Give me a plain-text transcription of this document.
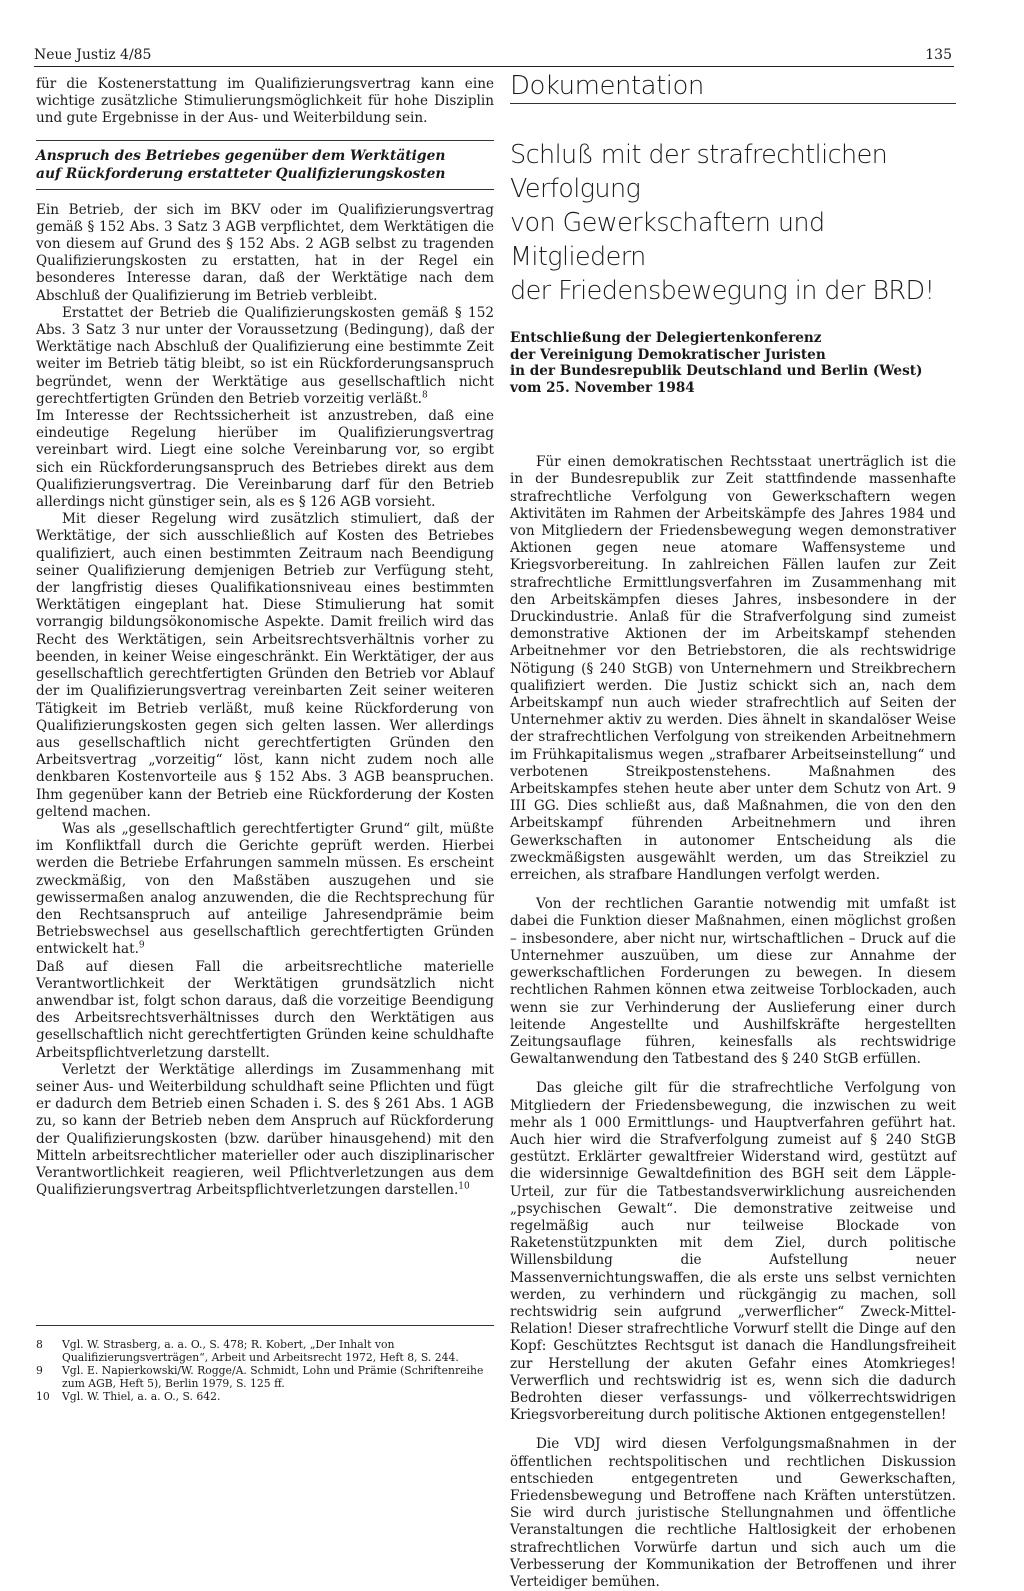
Neue Justiz 4/85	135

für die Kostenerstattung im Qualifizierungsvertrag kann eine wichtige zusätzliche Stimulierungsmöglichkeit für hohe Disziplin und gute Ergebnisse in der Aus- und Weiterbildung sein.

Anspruch des Betriebes gegenüber dem Werktätigen
auf Rückforderung erstatteter Qualifizierungskosten

Ein Betrieb, der sich im BKV oder im Qualifizierungsvertrag gemäß § 152 Abs. 3 Satz 3 AGB verpflichtet, dem Werktätigen die von diesem auf Grund des § 152 Abs. 2 AGB selbst zu tragenden Qualifizierungskosten zu erstatten, hat in der Regel ein besonderes Interesse daran, daß der Werktätige nach dem Abschluß der Qualifizierung im Betrieb verbleibt.

Erstattet der Betrieb die Qualifizierungskosten gemäß § 152 Abs. 3 Satz 3 nur unter der Voraussetzung (Bedingung), daß der Werktätige nach Abschluß der Qualifizierung eine bestimmte Zeit weiter im Betrieb tätig bleibt, so ist ein Rückforderungsanspruch begründet, wenn der Werktätige aus gesellschaftlich nicht gerechtfertigten Gründen den Betrieb vorzeitig verläßt.$^8$

Im Interesse der Rechtssicherheit ist anzustreben, daß eine eindeutige Regelung hierüber im Qualifizierungsvertrag vereinbart wird. Liegt eine solche Vereinbarung vor, so ergibt sich ein Rückforderungsanspruch des Betriebes direkt aus dem Qualifizierungsvertrag. Die Vereinbarung darf für den Betrieb allerdings nicht günstiger sein, als es § 126 AGB vorsieht.

Mit dieser Regelung wird zusätzlich stimuliert, daß der Werktätige, der sich ausschließlich auf Kosten des Betriebes qualifiziert, auch einen bestimmten Zeitraum nach Beendigung seiner Qualifizierung demjenigen Betrieb zur Verfügung steht, der langfristig dieses Qualifikationsniveau eines bestimmten Werktätigen eingeplant hat. Diese Stimulierung hat somit vorrangig bildungsökonomische Aspekte. Damit freilich wird das Recht des Werktätigen, sein Arbeitsrechtsverhältnis vorher zu beenden, in keiner Weise eingeschränkt. Ein Werktätiger, der aus gesellschaftlich gerechtfertigten Gründen den Betrieb vor Ablauf der im Qualifizierungsvertrag vereinbarten Zeit seiner weiteren Tätigkeit im Betrieb verläßt, muß keine Rückforderung von Qualifizierungskosten gegen sich gelten lassen. Wer allerdings aus gesellschaftlich nicht gerechtfertigten Gründen den Arbeitsvertrag „vorzeitig“ löst, kann nicht zudem noch alle denkbaren Kostenvorteile aus § 152 Abs. 3 AGB beanspruchen. Ihm gegenüber kann der Betrieb eine Rückforderung der Kosten geltend machen.

Was als „gesellschaftlich gerechtfertigter Grund“ gilt, müßte im Konfliktfall durch die Gerichte geprüft werden. Hierbei werden die Betriebe Erfahrungen sammeln müssen. Es erscheint zweckmäßig, von den Maßstäben auszugehen und sie gewissermaßen analog anzuwenden, die die Rechtsprechung für den Rechtsanspruch auf anteilige Jahresendprämie beim Betriebswechsel aus gesellschaftlich gerechtfertigten Gründen entwickelt hat.$^9$

Daß auf diesen Fall die arbeitsrechtliche materielle Verantwortlichkeit der Werktätigen grundsätzlich nicht anwendbar ist, folgt schon daraus, daß die vorzeitige Beendigung des Arbeitsrechtsverhältnisses durch den Werktätigen aus gesellschaftlich nicht gerechtfertigten Gründen keine schuldhafte Arbeitspflichtverletzung darstellt.

Verletzt der Werktätige allerdings im Zusammenhang mit seiner Aus- und Weiterbildung schuldhaft seine Pflichten und fügt er dadurch dem Betrieb einen Schaden i. S. des § 261 Abs. 1 AGB zu, so kann der Betrieb neben dem Anspruch auf Rückforderung der Qualifizierungskosten (bzw. darüber hinausgehend) mit den Mitteln arbeitsrechtlicher materieller oder auch disziplinarischer Verantwortlichkeit reagieren, weil Pflichtverletzungen aus dem Qualifizierungsvertrag Arbeitspflichtverletzungen darstellen.$^{10}$

8	Vgl. W. Strasberg, a. a. O., S. 478; R. Kobert, „Der Inhalt von Qualifizierungsverträgen“, Arbeit und Arbeitsrecht 1972, Heft 8, S. 244.
9	Vgl. E. Napierkowski/W. Rogge/A. Schmidt, Lohn und Prämie (Schriftenreihe zum AGB, Heft 5), Berlin 1979, S. 125 ff.
10	Vgl. W. Thiel, a. a. O., S. 642.
Dokumentation
Schluß mit der strafrechtlichen Verfolgung
von Gewerkschaftern und Mitgliedern
der Friedensbewegung in der BRD!
Entschließung der Delegiertenkonferenz
der Vereinigung Demokratischer Juristen
in der Bundesrepublik Deutschland und Berlin (West)
vom 25. November 1984

Für einen demokratischen Rechtsstaat unerträglich ist die in der Bundesrepublik zur Zeit stattfindende massenhafte strafrechtliche Verfolgung von Gewerkschaftern wegen Aktivitäten im Rahmen der Arbeitskämpfe des Jahres 1984 und von Mitgliedern der Friedensbewegung wegen demonstrativer Aktionen gegen neue atomare Waffensysteme und Kriegsvorbereitung. In zahlreichen Fällen laufen zur Zeit strafrechtliche Ermittlungsverfahren im Zusammenhang mit den Arbeitskämpfen dieses Jahres, insbesondere in der Druckindustrie. Anlaß für die Strafverfolgung sind zumeist demonstrative Aktionen der im Arbeitskampf stehenden Arbeitnehmer vor den Betriebstoren, die als rechtswidrige Nötigung (§ 240 StGB) von Unternehmern und Streikbrechern qualifiziert werden. Die Justiz schickt sich an, nach dem Arbeitskampf nun auch wieder strafrechtlich auf Seiten der Unternehmer aktiv zu werden. Dies ähnelt in skandalöser Weise der strafrechtlichen Verfolgung von streikenden Arbeitnehmern im Frühkapitalismus wegen „strafbarer Arbeitseinstellung“ und verbotenen Streikpostenstehens. Maßnahmen des Arbeitskampfes stehen heute aber unter dem Schutz von Art. 9 III GG. Dies schließt aus, daß Maßnahmen, die von den den Arbeitskampf führenden Arbeitnehmern und ihren Gewerkschaften in autonomer Entscheidung als die zweckmäßigsten ausgewählt werden, um das Streikziel zu erreichen, als strafbare Handlungen verfolgt werden.

Von der rechtlichen Garantie notwendig mit umfaßt ist dabei die Funktion dieser Maßnahmen, einen möglichst großen – insbesondere, aber nicht nur, wirtschaftlichen – Druck auf die Unternehmer auszuüben, um diese zur Annahme der gewerkschaftlichen Forderungen zu bewegen. In diesem rechtlichen Rahmen können etwa zeitweise Torblockaden, auch wenn sie zur Verhinderung der Auslieferung einer durch leitende Angestellte und Aushilfskräfte hergestellten Zeitungsauflage führen, keinesfalls als rechtswidrige Gewaltanwendung den Tatbestand des § 240 StGB erfüllen.

Das gleiche gilt für die strafrechtliche Verfolgung von Mitgliedern der Friedensbewegung, die inzwischen zu weit mehr als 1 000 Ermittlungs- und Hauptverfahren geführt hat. Auch hier wird die Strafverfolgung zumeist auf § 240 StGB gestützt. Erklärter gewaltfreier Widerstand wird, gestützt auf die widersinnige Gewaltdefinition des BGH seit dem Läpple-Urteil, zur für die Tatbestandsverwirklichung ausreichenden „psychischen Gewalt“. Die demonstrative zeitweise und regelmäßig auch nur teilweise Blockade von Raketenstützpunkten mit dem Ziel, durch politische Willensbildung die Aufstellung neuer Massenvernichtungswaffen, die als erste uns selbst vernichten werden, zu verhindern und rückgängig zu machen, soll rechtswidrig sein aufgrund „verwerflicher“ Zweck-Mittel-Relation! Dieser strafrechtliche Vorwurf stellt die Dinge auf den Kopf: Geschütztes Rechtsgut ist danach die Handlungsfreiheit zur Herstellung der akuten Gefahr eines Atomkrieges! Verwerflich und rechtswidrig ist es, wenn sich die dadurch Bedrohten dieser verfassungs- und völkerrechtswidrigen Kriegsvorbereitung durch politische Aktionen entgegenstellen!

Die VDJ wird diesen Verfolgungsmaßnahmen in der öffentlichen rechtspolitischen und rechtlichen Diskussion entschieden entgegentreten und Gewerkschaften, Friedensbewegung und Betroffene nach Kräften unterstützen. Sie wird durch juristische Stellungnahmen und öffentliche Veranstaltungen die rechtliche Haltlosigkeit der erhobenen strafrechtlichen Vorwürfe dartun und sich auch um die Verbesserung der Kommunikation der Betroffenen und ihrer Verteidiger bemühen.
